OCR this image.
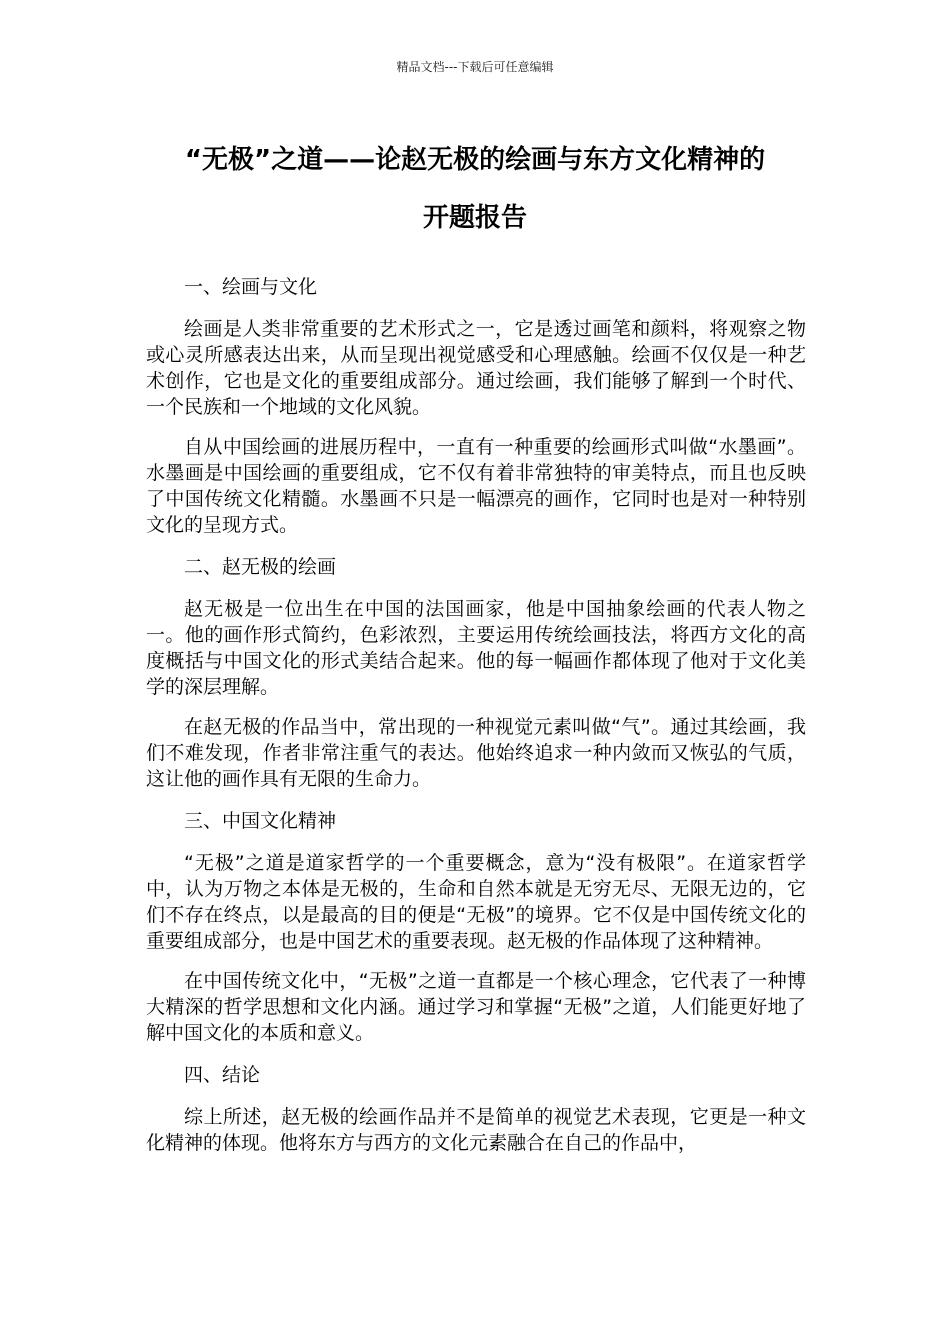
精品文档---下载后可任意编辑
“无极”之道——论赵无极的绘画与东方文化精神的
开题报告

一、绘画与文化

绘画是人类非常重要的艺术形式之一，它是透过画笔和颜料，将观察之物或心灵所感表达出来，从而呈现出视觉感受和心理感触。绘画不仅仅是一种艺术创作，它也是文化的重要组成部分。通过绘画，我们能够了解到一个时代、一个民族和一个地域的文化风貌。

自从中国绘画的进展历程中，一直有一种重要的绘画形式叫做“水墨画”。水墨画是中国绘画的重要组成，它不仅有着非常独特的审美特点，而且也反映了中国传统文化精髓。水墨画不只是一幅漂亮的画作，它同时也是对一种特别文化的呈现方式。

二、赵无极的绘画

赵无极是一位出生在中国的法国画家，他是中国抽象绘画的代表人物之一。他的画作形式简约，色彩浓烈，主要运用传统绘画技法，将西方文化的高度概括与中国文化的形式美结合起来。他的每一幅画作都体现了他对于文化美学的深层理解。

在赵无极的作品当中，常出现的一种视觉元素叫做“气”。通过其绘画，我们不难发现，作者非常注重气的表达。他始终追求一种内敛而又恢弘的气质，这让他的画作具有无限的生命力。

三、中国文化精神

“无极”之道是道家哲学的一个重要概念，意为“没有极限”。在道家哲学中，认为万物之本体是无极的，生命和自然本就是无穷无尽、无限无边的，它们不存在终点，以是最高的目的便是“无极”的境界。它不仅是中国传统文化的重要组成部分，也是中国艺术的重要表现。赵无极的作品体现了这种精神。

在中国传统文化中，“无极”之道一直都是一个核心理念，它代表了一种博大精深的哲学思想和文化内涵。通过学习和掌握“无极”之道，人们能更好地了解中国文化的本质和意义。

四、结论

综上所述，赵无极的绘画作品并不是简单的视觉艺术表现，它更是一种文化精神的体现。他将东方与西方的文化元素融合在自己的作品中，
